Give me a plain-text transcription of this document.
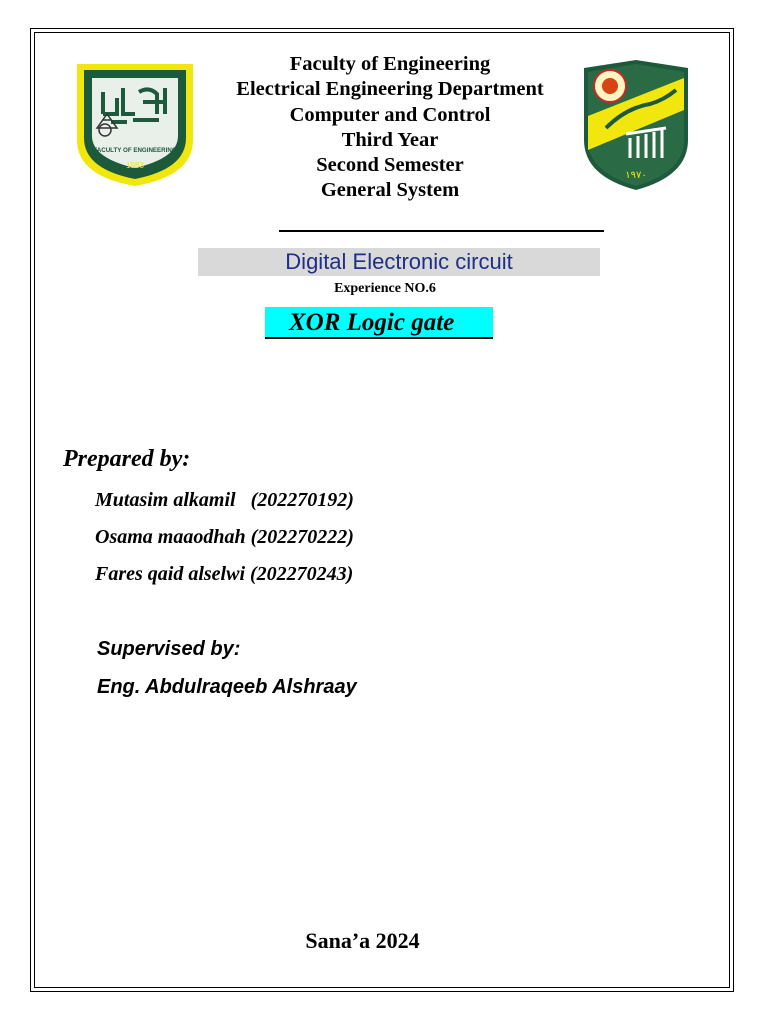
FACULTY OF ENGINEERING
1983
١٩٧٠
Faculty of Engineering
Electrical Engineering Department
Computer and Control
Third Year
Second Semester
General System
Digital Electronic circuit
Experience NO.6
XOR Logic gate
Prepared by:
Mutasim alkamil   (202270192)
Osama maaodhah (202270222)
Fares qaid alselwi (202270243)
Supervised by:
Eng. Abdulraqeeb Alshraay
Sana’a 2024
